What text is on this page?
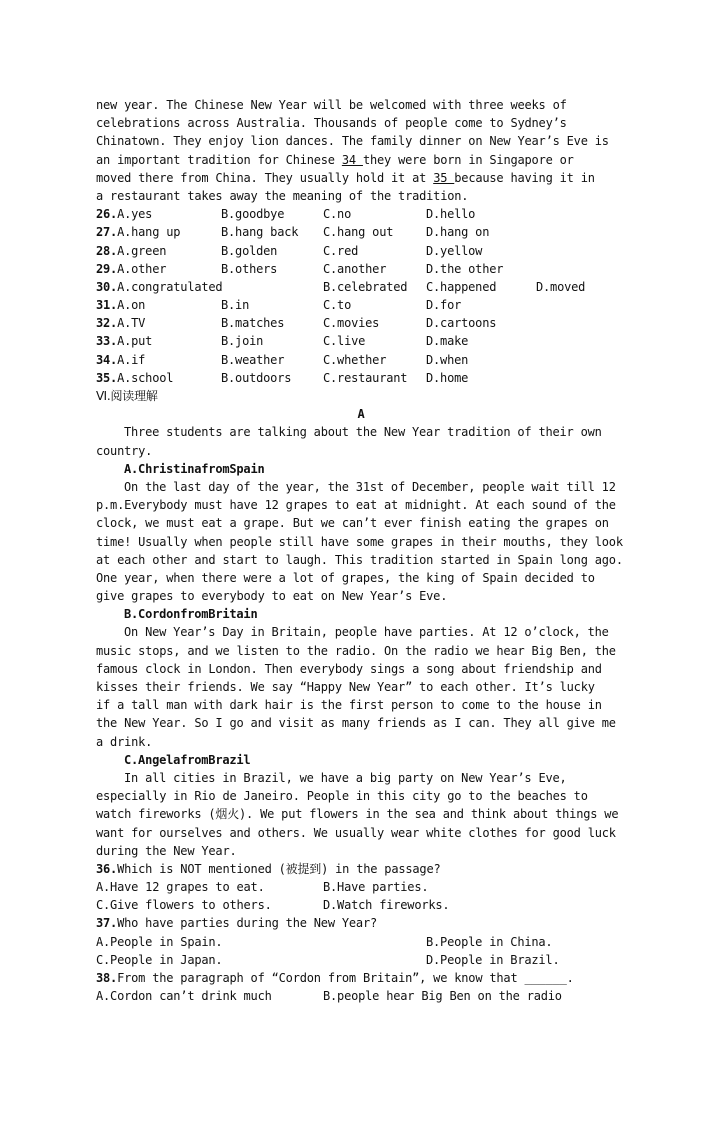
new year. The Chinese New Year will be welcomed with three weeks of
celebrations across Australia. Thousands of people come to Sydney’s
Chinatown. They enjoy lion dances. The family dinner on New Year’s Eve is
an important tradition for Chinese 34 they were born in Singapore or
moved there from China. They usually hold it at 35 because having it in
a restaurant takes away the meaning of the tradition.
26.A.yes	B.goodbye	C.no	D.hello
27.A.hang up	B.hang back	C.hang out	D.hang on
28.A.green	B.golden	C.red	D.yellow
29.A.other	B.others	C.another	D.the other
30.A.congratulated	B.celebrated	C.happened	D.moved
31.A.on	B.in	C.to	D.for
32.A.TV	B.matches	C.movies	D.cartoons
33.A.put	B.join	C.live	D.make
34.A.if	B.weather	C.whether	D.when
35.A.school	B.outdoors	C.restaurant	D.home
Ⅵ.阅读理解
A
Three students are talking about the New Year tradition of their own
country.
A.ChristinafromSpain
On the last day of the year, the 31st of December, people wait till 12
p.m.Everybody must have 12 grapes to eat at midnight. At each sound of the
clock, we must eat a grape. But we can’t ever finish eating the grapes on
time! Usually when people still have some grapes in their mouths, they look
at each other and start to laugh. This tradition started in Spain long ago.
One year, when there were a lot of grapes, the king of Spain decided to
give grapes to everybody to eat on New Year’s Eve.
B.CordonfromBritain
On New Year’s Day in Britain, people have parties. At 12 o’clock, the
music stops, and we listen to the radio. On the radio we hear Big Ben, the
famous clock in London. Then everybody sings a song about friendship and
kisses their friends. We say “Happy New Year” to each other. It’s lucky
if a tall man with dark hair is the first person to come to the house in
the New Year. So I go and visit as many friends as I can. They all give me
a drink.
C.AngelafromBrazil
In all cities in Brazil, we have a big party on New Year’s Eve,
especially in Rio de Janeiro. People in this city go to the beaches to
watch fireworks (烟火). We put flowers in the sea and think about things we
want for ourselves and others. We usually wear white clothes for good luck
during the New Year.
36.Which is NOT mentioned (被提到) in the passage?
A.Have 12 grapes to eat.	B.Have parties.
C.Give flowers to others.	D.Watch fireworks.
37.Who have parties during the New Year?
A.People in Spain.	B.People in China.
C.People in Japan.	D.People in Brazil.
38.From the paragraph of “Cordon from Britain”, we know that ______.
A.Cordon can’t drink much	B.people hear Big Ben on the radio
